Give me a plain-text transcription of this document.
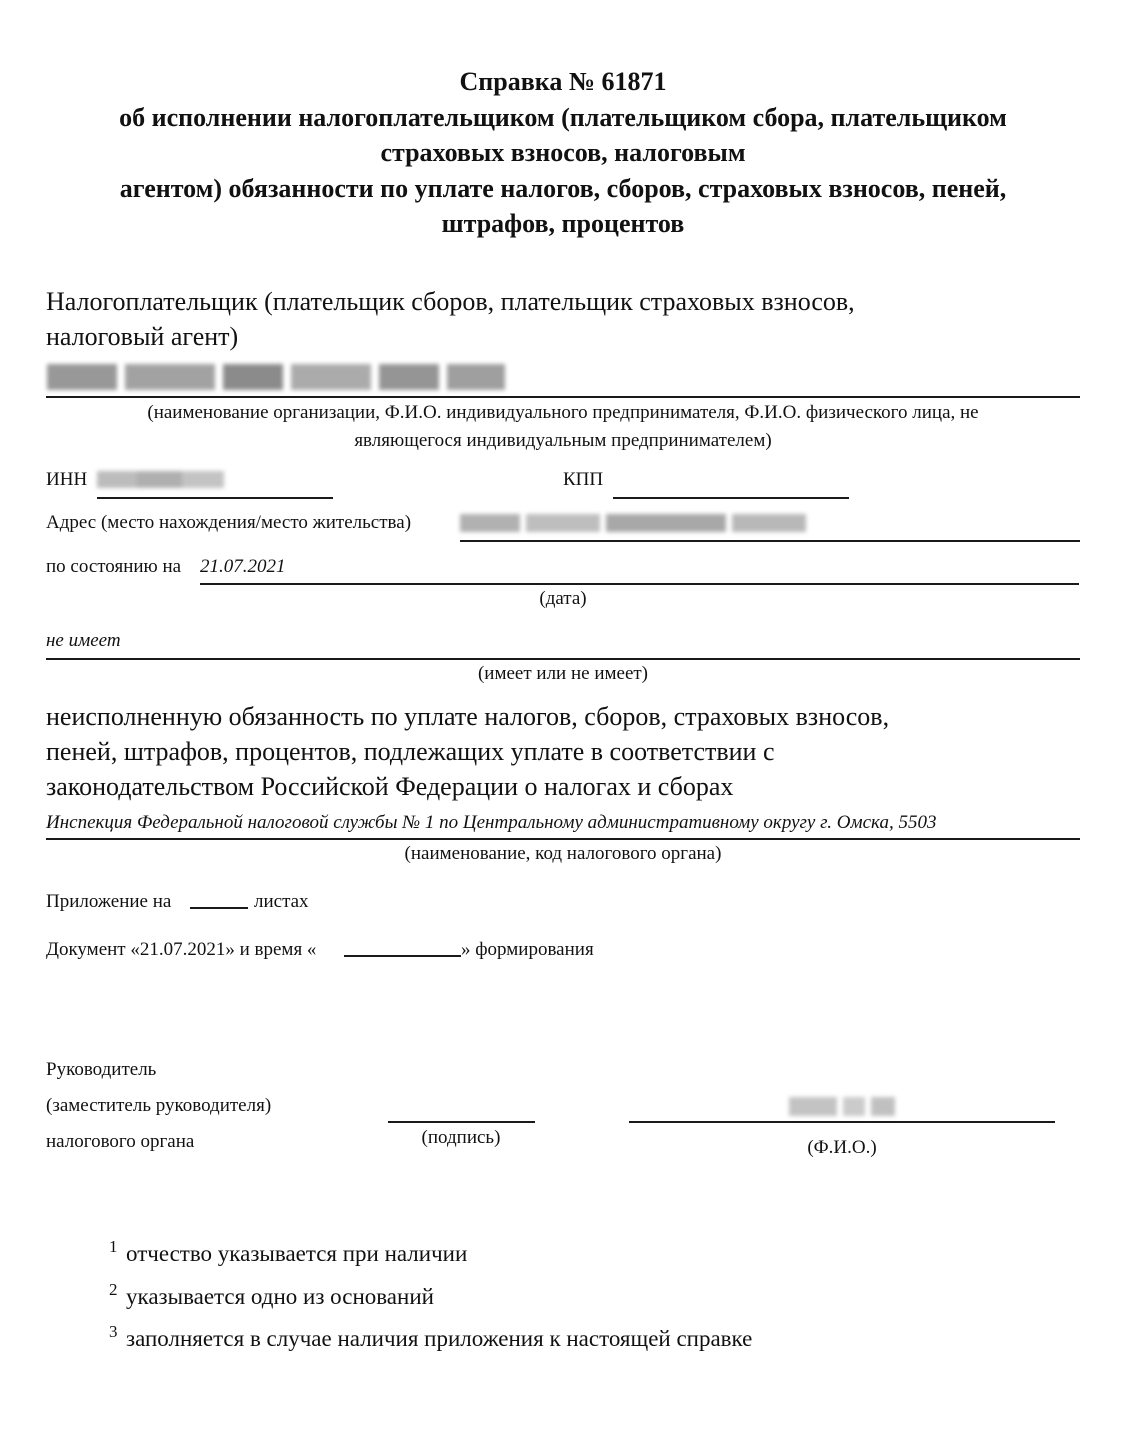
Справка № 61871
об исполнении налогоплательщиком (плательщиком сбора, плательщиком
страховых взносов, налоговым
агентом) обязанности по уплате налогов, сборов, страховых взносов, пеней,
штрафов, процентов
Налогоплательщик (плательщик сборов, плательщик страховых взносов,
налоговый агент)
(наименование организации, Ф.И.О. индивидуального предпринимателя, Ф.И.О. физического лица, не
являющегося индивидуальным предпринимателем)
ИНН	КПП
Адрес (место нахождения/место жительства)
по состоянию на 21.07.2021
(дата)
не имеет
(имеет или не имеет)
неисполненную обязанность по уплате налогов, сборов, страховых взносов,
пеней, штрафов, процентов, подлежащих уплате в соответствии с
законодательством Российской Федерации о налогах и сборах
Инспекция Федеральной налоговой службы № 1 по Центральному административному округу г. Омска, 5503
(наименование, код налогового органа)
Приложение на	листах
Документ «21.07.2021» и время «	» формирования
Руководитель
(заместитель руководителя)
налогового органа	(подпись)	(Ф.И.О.)
1 отчество указывается при наличии
2 указывается одно из оснований
3 заполняется в случае наличия приложения к настоящей справке
